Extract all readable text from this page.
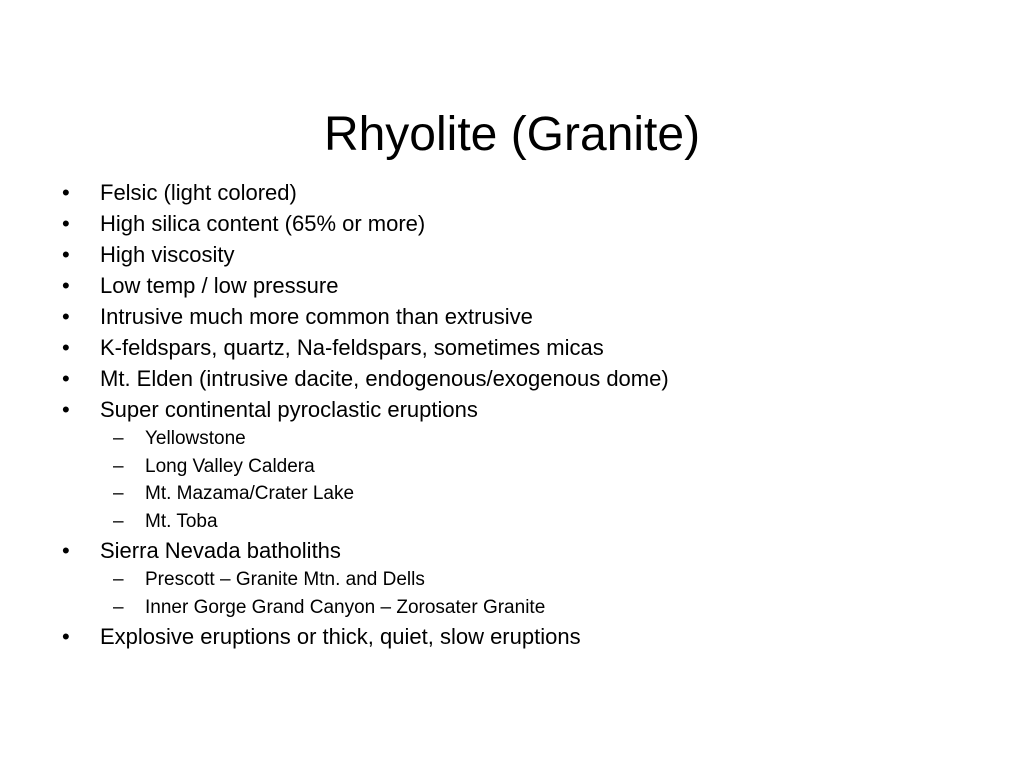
Rhyolite (Granite)
•	Felsic (light colored)
•	High silica content (65% or more)
•	High viscosity
•	Low temp / low pressure
•	Intrusive much more common than extrusive
•	K-feldspars, quartz, Na-feldspars, sometimes micas
•	Mt. Elden (intrusive dacite, endogenous/exogenous dome)
•	Super continental pyroclastic eruptions
–	Yellowstone
–	Long Valley Caldera
–	Mt. Mazama/Crater Lake
–	Mt. Toba
•	Sierra Nevada batholiths
–	Prescott – Granite Mtn. and Dells
–	Inner Gorge Grand Canyon – Zorosater Granite
•	Explosive eruptions or thick, quiet, slow eruptions
